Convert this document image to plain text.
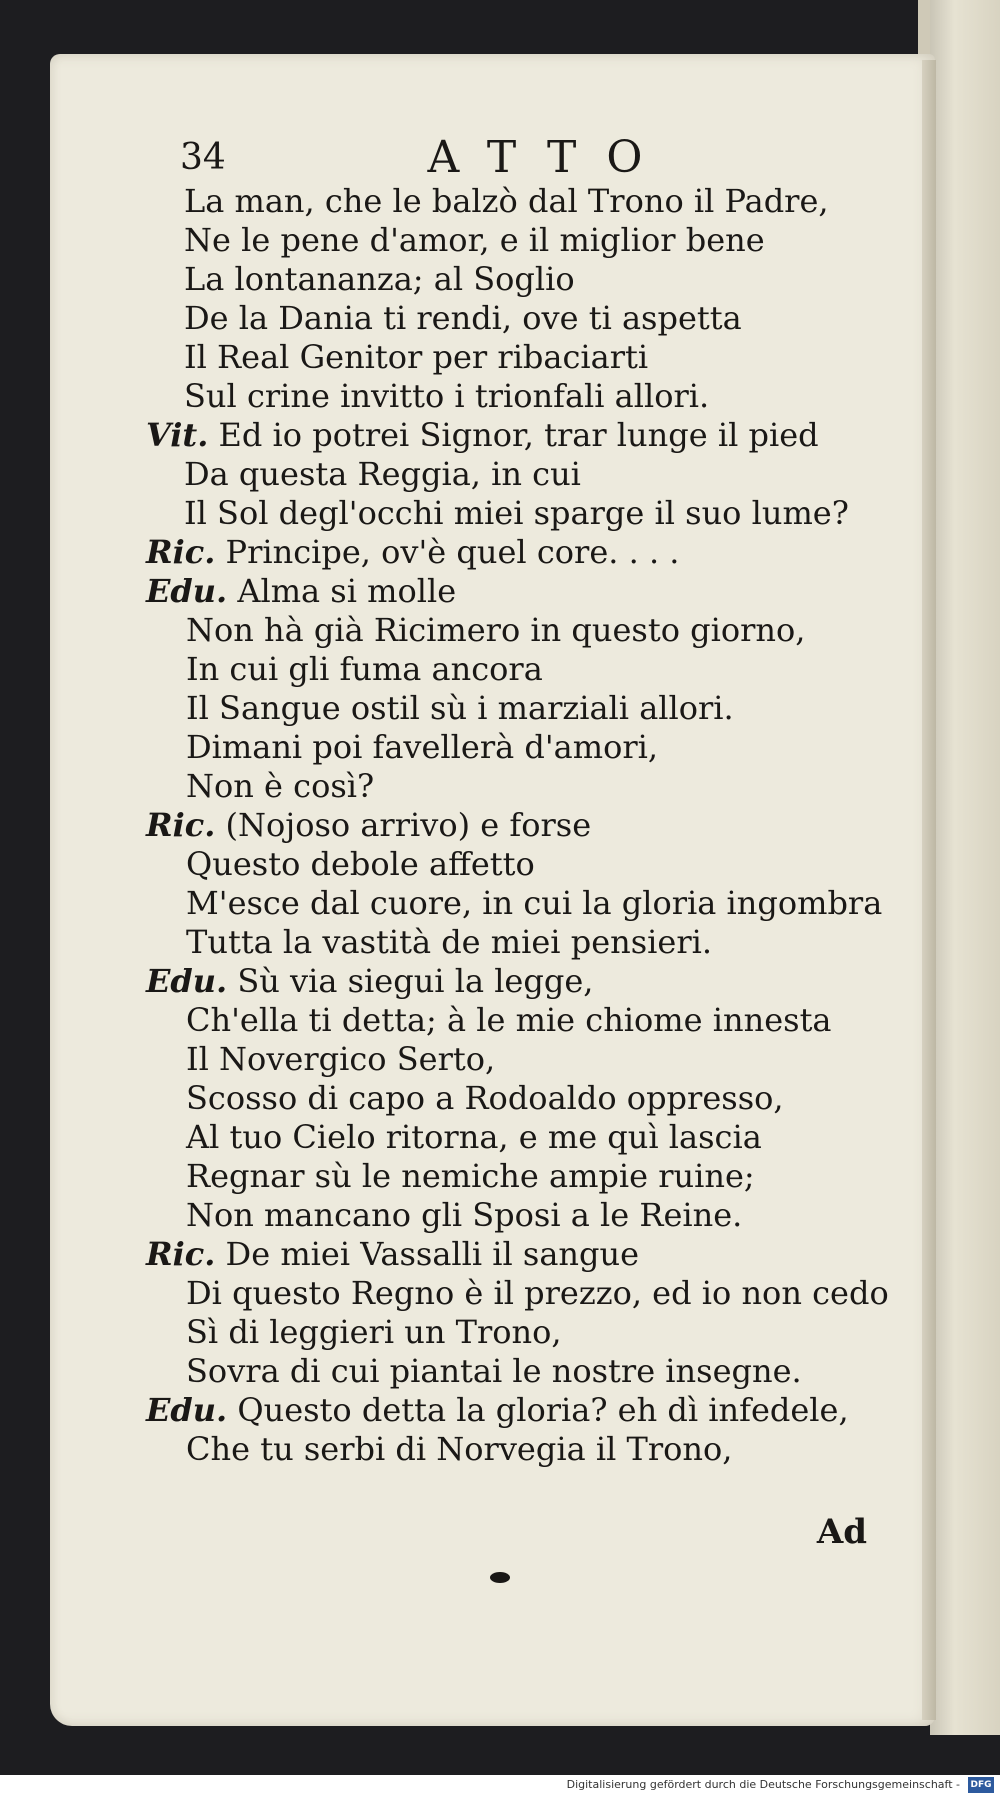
34	ATTO
La man, che le balzò dal Trono il Padre,
Ne le pene d'amor, e il miglior bene
La lontananza; al Soglio
De la Dania ti rendi, ove ti aspetta
Il Real Genitor per ribaciarti
Sul crine invitto i trionfali allori.
Vit. Ed io potrei Signor, trar lunge il pied
Da questa Reggia, in cui
Il Sol degl'occhi miei sparge il suo lume?
Ric. Principe, ov'è quel core. . . .
Edu. Alma si molle
Non hà già Ricimero in questo giorno,
In cui gli fuma ancora
Il Sangue ostil sù i marziali allori.
Dimani poi favellerà d'amori,
Non è così?
Ric. (Nojoso arrivo) e forse
Questo debole affetto
M'esce dal cuore, in cui la gloria ingombra
Tutta la vastità de miei pensieri.
Edu. Sù via siegui la legge,
Ch'ella ti detta; à le mie chiome innesta
Il Novergico Serto,
Scosso di capo a Rodoaldo oppresso,
Al tuo Cielo ritorna, e me quì lascia
Regnar sù le nemiche ampie ruine;
Non mancano gli Sposi a le Reine.
Ric. De miei Vassalli il sangue
Di questo Regno è il prezzo, ed io non cedo
Sì di leggieri un Trono,
Sovra di cui piantai le nostre insegne.
Edu. Questo detta la gloria? eh dì infedele,
Che tu serbi di Norvegia il Trono,
Ad
Digitalisierung gefördert durch die Deutsche Forschungsgemeinschaft - DFG
